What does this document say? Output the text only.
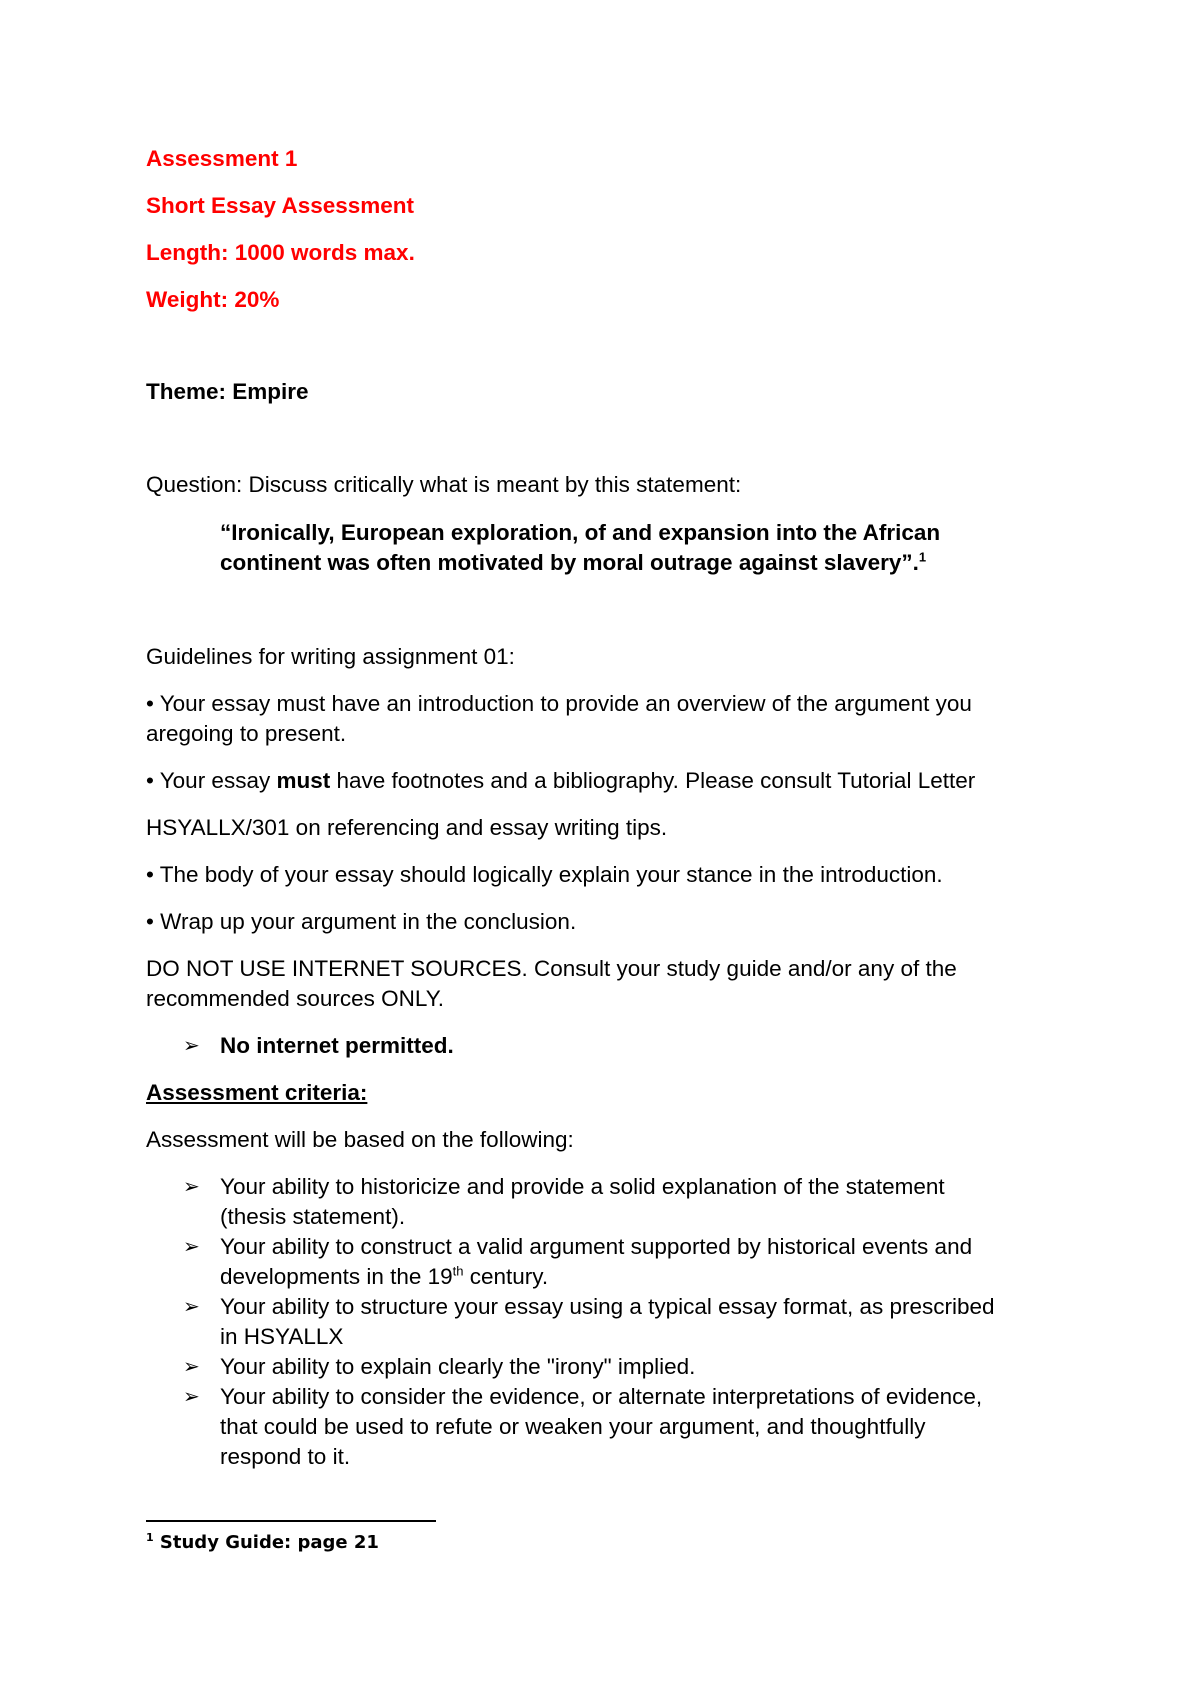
Assessment 1
Short Essay Assessment
Length: 1000 words max.
Weight: 20%
Theme: Empire
Question: Discuss critically what is meant by this statement:
“Ironically, European exploration, of and expansion into the African
continent was often motivated by moral outrage against slavery”.$^1$
Guidelines for writing assignment 01:
• Your essay must have an introduction to provide an overview of the argument you
aregoing to present.
• Your essay must have footnotes and a bibliography. Please consult Tutorial Letter
HSYALLX/301 on referencing and essay writing tips.
• The body of your essay should logically explain your stance in the introduction.
• Wrap up your argument in the conclusion.
DO NOT USE INTERNET SOURCES. Consult your study guide and/or any of the
recommended sources ONLY.
➢ No internet permitted.
Assessment criteria:
Assessment will be based on the following:
➢ Your ability to historicize and provide a solid explanation of the statement
(thesis statement).
➢ Your ability to construct a valid argument supported by historical events and
developments in the 19th century.
➢ Your ability to structure your essay using a typical essay format, as prescribed
in HSYALLX
➢ Your ability to explain clearly the "irony" implied.
➢ Your ability to consider the evidence, or alternate interpretations of evidence,
that could be used to refute or weaken your argument, and thoughtfully
respond to it.
$^1$ Study Guide: page 21
